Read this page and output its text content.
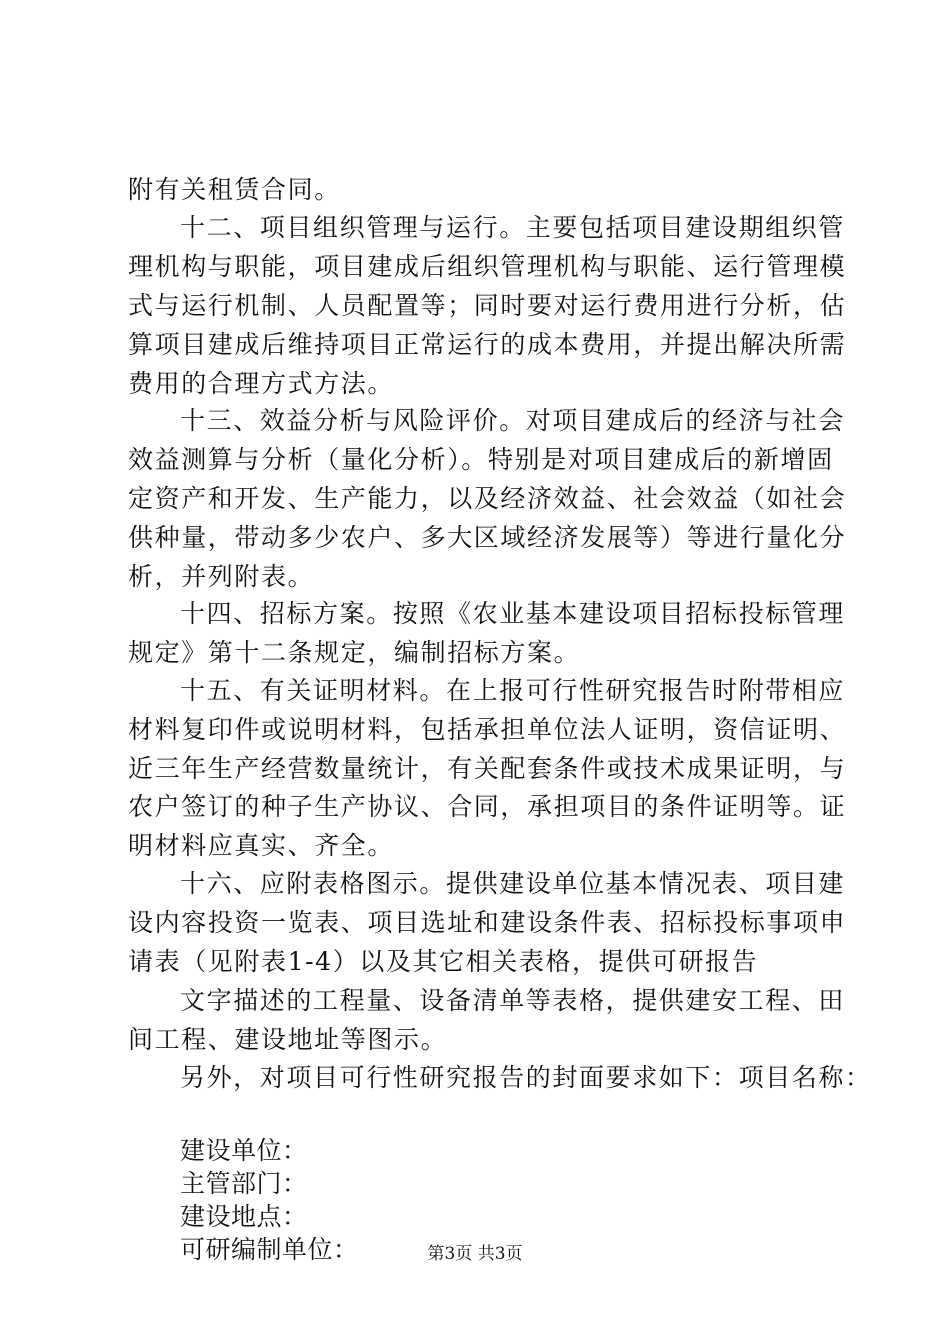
附有关租赁合同。
十二、项目组织管理与运行。主要包括项目建设期组织管
理机构与职能，项目建成后组织管理机构与职能、运行管理模
式与运行机制、人员配置等；同时要对运行费用进行分析，估
算项目建成后维持项目正常运行的成本费用，并提出解决所需
费用的合理方式方法。
十三、效益分析与风险评价。对项目建成后的经济与社会
效益测算与分析（量化分析）。特别是对项目建成后的新增固
定资产和开发、生产能力，以及经济效益、社会效益（如社会
供种量，带动多少农户、多大区域经济发展等）等进行量化分
析，并列附表。
十四、招标方案。按照《农业基本建设项目招标投标管理
规定》第十二条规定，编制招标方案。
十五、有关证明材料。在上报可行性研究报告时附带相应
材料复印件或说明材料，包括承担单位法人证明，资信证明、
近三年生产经营数量统计，有关配套条件或技术成果证明，与
农户签订的种子生产协议、合同，承担项目的条件证明等。证
明材料应真实、齐全。
十六、应附表格图示。提供建设单位基本情况表、项目建
设内容投资一览表、项目选址和建设条件表、招标投标事项申
请表（见附表1-4）以及其它相关表格，提供可研报告
文字描述的工程量、设备清单等表格，提供建安工程、田
间工程、建设地址等图示。
另外，对项目可行性研究报告的封面要求如下：项目名称：
建设单位：
主管部门：
建设地点：
可研编制单位：	第3页 共3页
